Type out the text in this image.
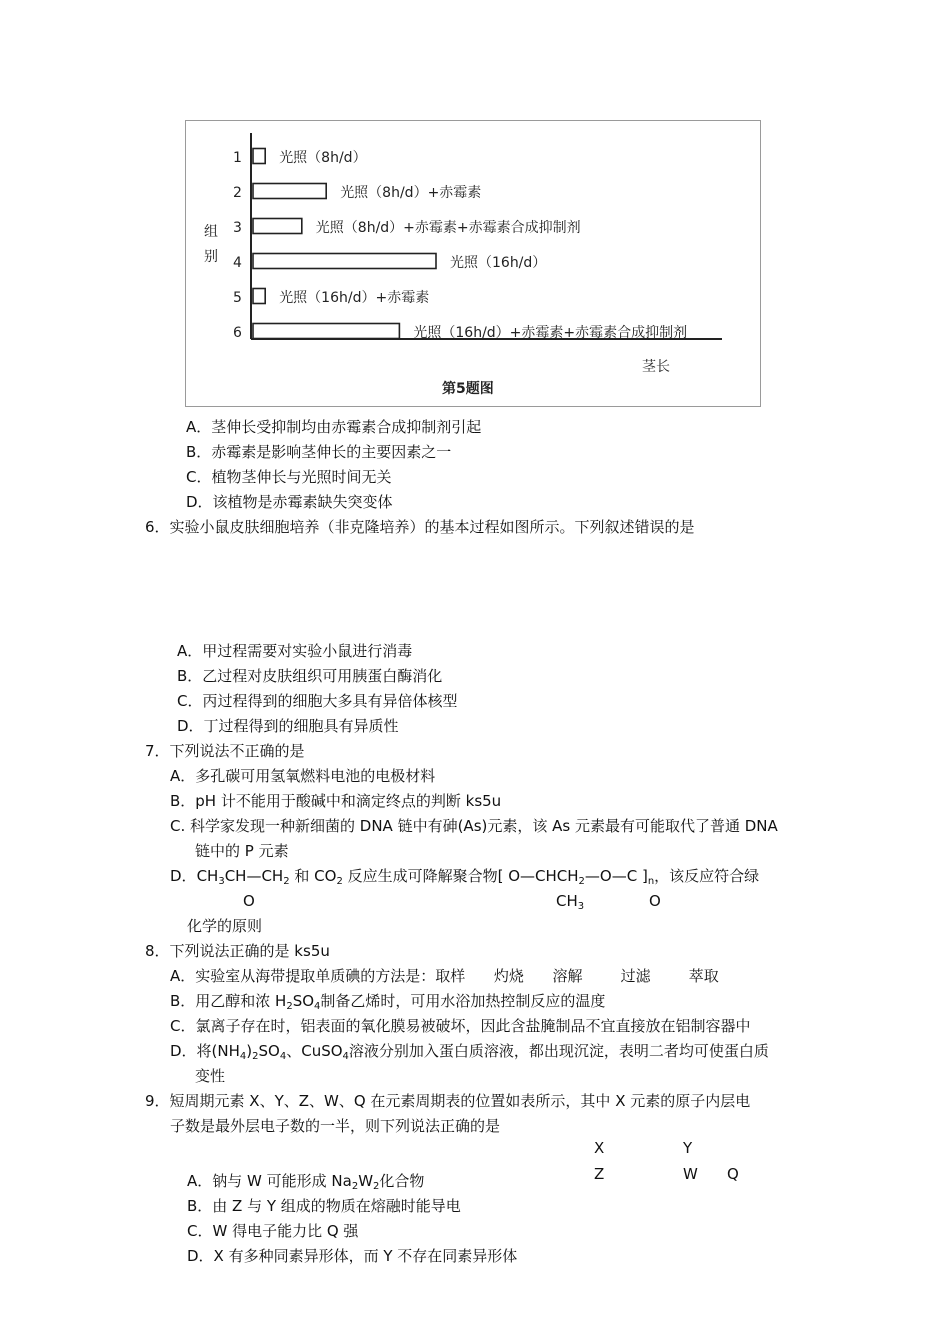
组
别
1	光照（8h/d）
2	光照（8h/d）+赤霉素
3	光照（8h/d）+赤霉素+赤霉素合成抑制剂
4	光照（16h/d）
5	光照（16h/d）+赤霉素
6	光照（16h/d）+赤霉素+赤霉素合成抑制剂
茎长
第5题图
A．茎伸长受抑制均由赤霉素合成抑制剂引起
B．赤霉素是影响茎伸长的主要因素之一
C．植物茎伸长与光照时间无关
D．该植物是赤霉素缺失突变体
6．实验小鼠皮肤细胞培养（非克隆培养）的基本过程如图所示。下列叙述错误的是
A．甲过程需要对实验小鼠进行消毒
B．乙过程对皮肤组织可用胰蛋白酶消化
C．丙过程得到的细胞大多具有异倍体核型
D．丁过程得到的细胞具有异质性
7．下列说法不正确的是
A．多孔碳可用氢氧燃料电池的电极材料
B．pH 计不能用于酸碱中和滴定终点的判断 ks5u
C. 科学家发现一种新细菌的 DNA 链中有砷(As)元素，该 As 元素最有可能取代了普通 DNA
链中的 P 元素
D．$CH_3CH—CH_2$ 和 $CO_2$ 反应生成可降解聚合物[ $O—CHCH_2—O—C$ ]$_n$，该反应符合绿
O	$CH_3$	O
化学的原则
8．下列说法正确的是 ks5u
A．实验室从海带提取单质碘的方法是：取样      灼烧      溶解        过滤        萃取
B．用乙醇和浓 $H_2SO_4$制备乙烯时，可用水浴加热控制反应的温度
C．氯离子存在时，铝表面的氧化膜易被破坏，因此含盐腌制品不宜直接放在铝制容器中
D．将$(NH_4)_2SO_4$、CuSO$_4$溶液分别加入蛋白质溶液，都出现沉淀，表明二者均可使蛋白质
变性
9．短周期元素 X、Y、Z、W、Q 在元素周期表的位置如表所示，其中 X 元素的原子内层电
子数是最外层电子数的一半，则下列说法正确的是
X	Y
Z	W Q
A．钠与 W 可能形成 $Na_2W_2$化合物
B．由 Z 与 Y 组成的物质在熔融时能导电
C．W 得电子能力比 Q 强
D．X 有多种同素异形体，而 Y 不存在同素异形体
